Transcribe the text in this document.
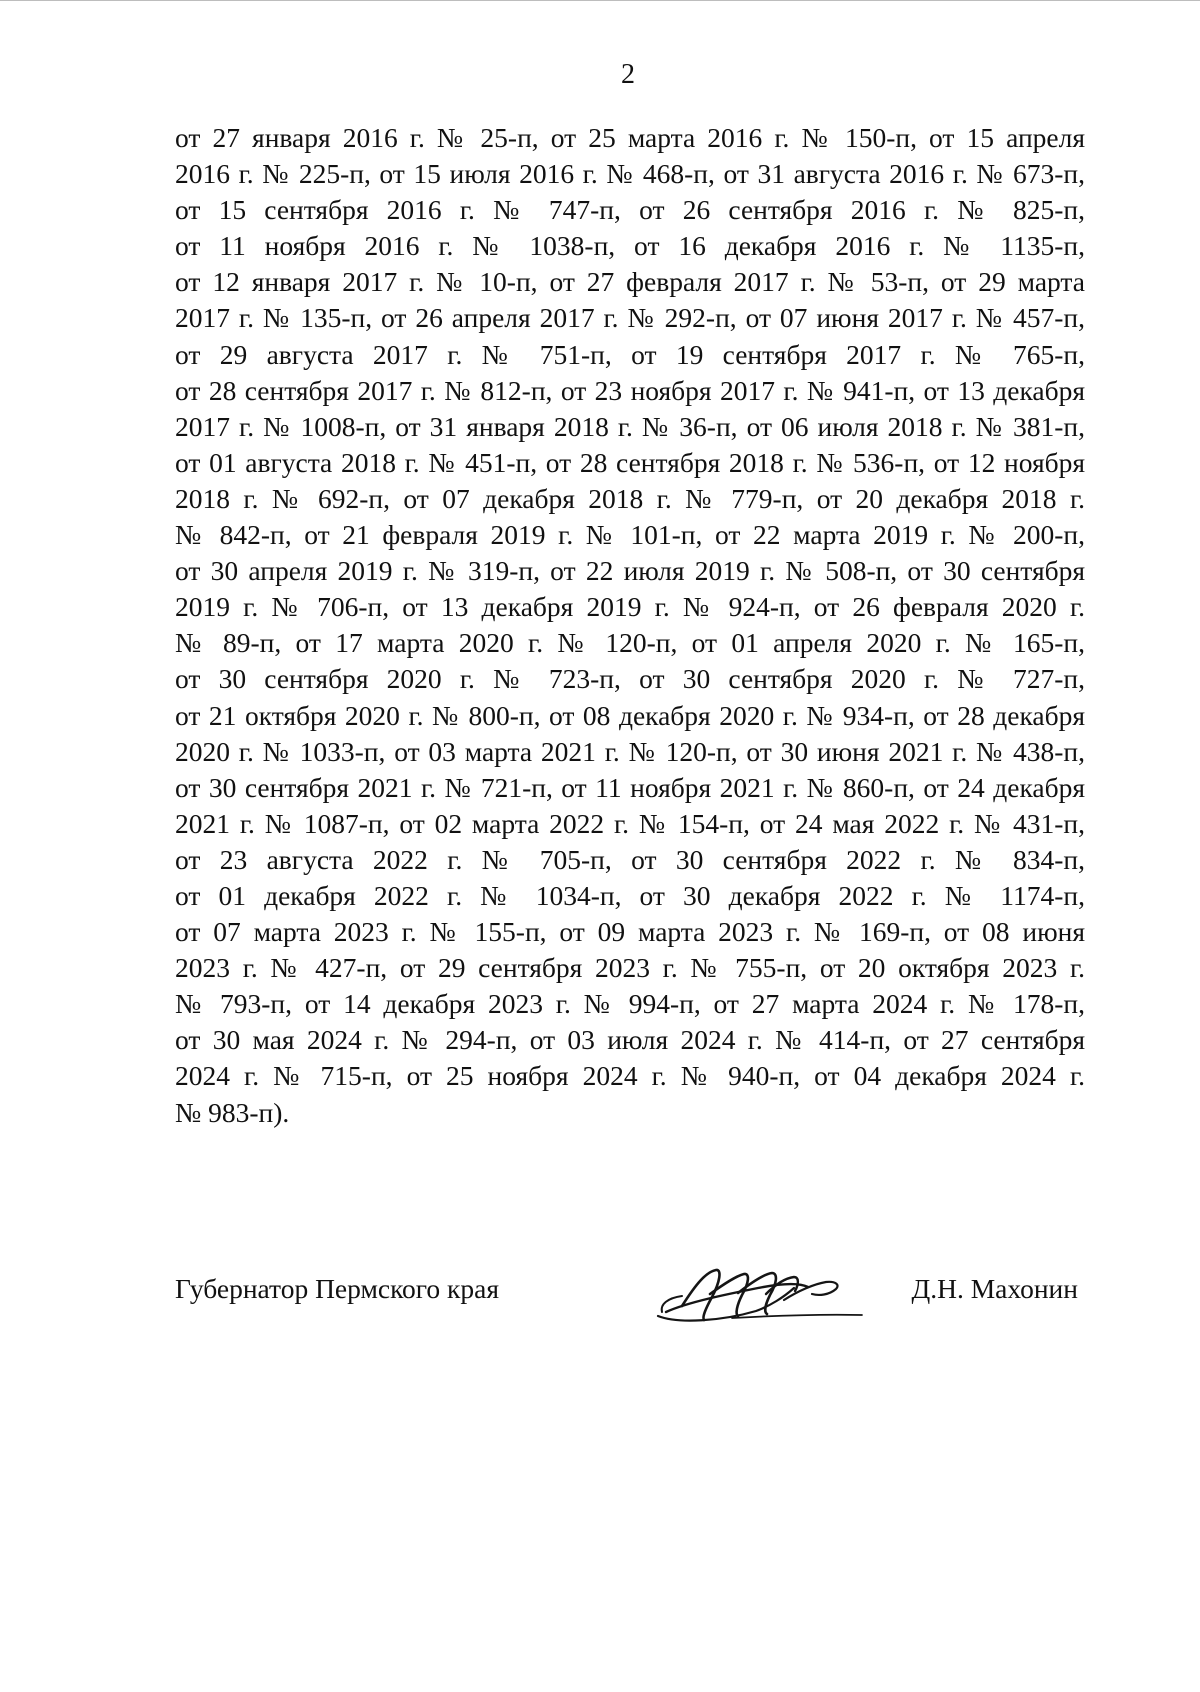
2
от 27 января 2016 г. № 25-п, от 25 марта 2016 г. № 150-п, от 15 апреля
2016 г. № 225-п, от 15 июля 2016 г. № 468-п, от 31 августа 2016 г. № 673-п,
от 15 сентября 2016 г. № 747-п, от 26 сентября 2016 г. № 825-п,
от 11 ноября 2016 г. № 1038-п, от 16 декабря 2016 г. № 1135-п,
от 12 января 2017 г. № 10-п, от 27 февраля 2017 г. № 53-п, от 29 марта
2017 г. № 135-п, от 26 апреля 2017 г. № 292-п, от 07 июня 2017 г. № 457-п,
от 29 августа 2017 г. № 751-п, от 19 сентября 2017 г. № 765-п,
от 28 сентября 2017 г. № 812-п, от 23 ноября 2017 г. № 941-п, от 13 декабря
2017 г. № 1008-п, от 31 января 2018 г. № 36-п, от 06 июля 2018 г. № 381-п,
от 01 августа 2018 г. № 451-п, от 28 сентября 2018 г. № 536-п, от 12 ноября
2018 г. № 692-п, от 07 декабря 2018 г. № 779-п, от 20 декабря 2018 г.
№ 842-п, от 21 февраля 2019 г. № 101-п, от 22 марта 2019 г. № 200-п,
от 30 апреля 2019 г. № 319-п, от 22 июля 2019 г. № 508-п, от 30 сентября
2019 г. № 706-п, от 13 декабря 2019 г. № 924-п, от 26 февраля 2020 г.
№ 89-п, от 17 марта 2020 г. № 120-п, от 01 апреля 2020 г. № 165-п,
от 30 сентября 2020 г. № 723-п, от 30 сентября 2020 г. № 727-п,
от 21 октября 2020 г. № 800-п, от 08 декабря 2020 г. № 934-п, от 28 декабря
2020 г. № 1033-п, от 03 марта 2021 г. № 120-п, от 30 июня 2021 г. № 438-п,
от 30 сентября 2021 г. № 721-п, от 11 ноября 2021 г. № 860-п, от 24 декабря
2021 г. № 1087-п, от 02 марта 2022 г. № 154-п, от 24 мая 2022 г. № 431-п,
от 23 августа 2022 г. № 705-п, от 30 сентября 2022 г. № 834-п,
от 01 декабря 2022 г. № 1034-п, от 30 декабря 2022 г. № 1174-п,
от 07 марта 2023 г. № 155-п, от 09 марта 2023 г. № 169-п, от 08 июня
2023 г. № 427-п, от 29 сентября 2023 г. № 755-п, от 20 октября 2023 г.
№ 793-п, от 14 декабря 2023 г. № 994-п, от 27 марта 2024 г. № 178-п,
от 30 мая 2024 г. № 294-п, от 03 июля 2024 г. № 414-п, от 27 сентября
2024 г. № 715-п, от 25 ноября 2024 г. № 940-п, от 04 декабря 2024 г.
№ 983-п).
Губернатор Пермского края	Д.Н. Махонин
